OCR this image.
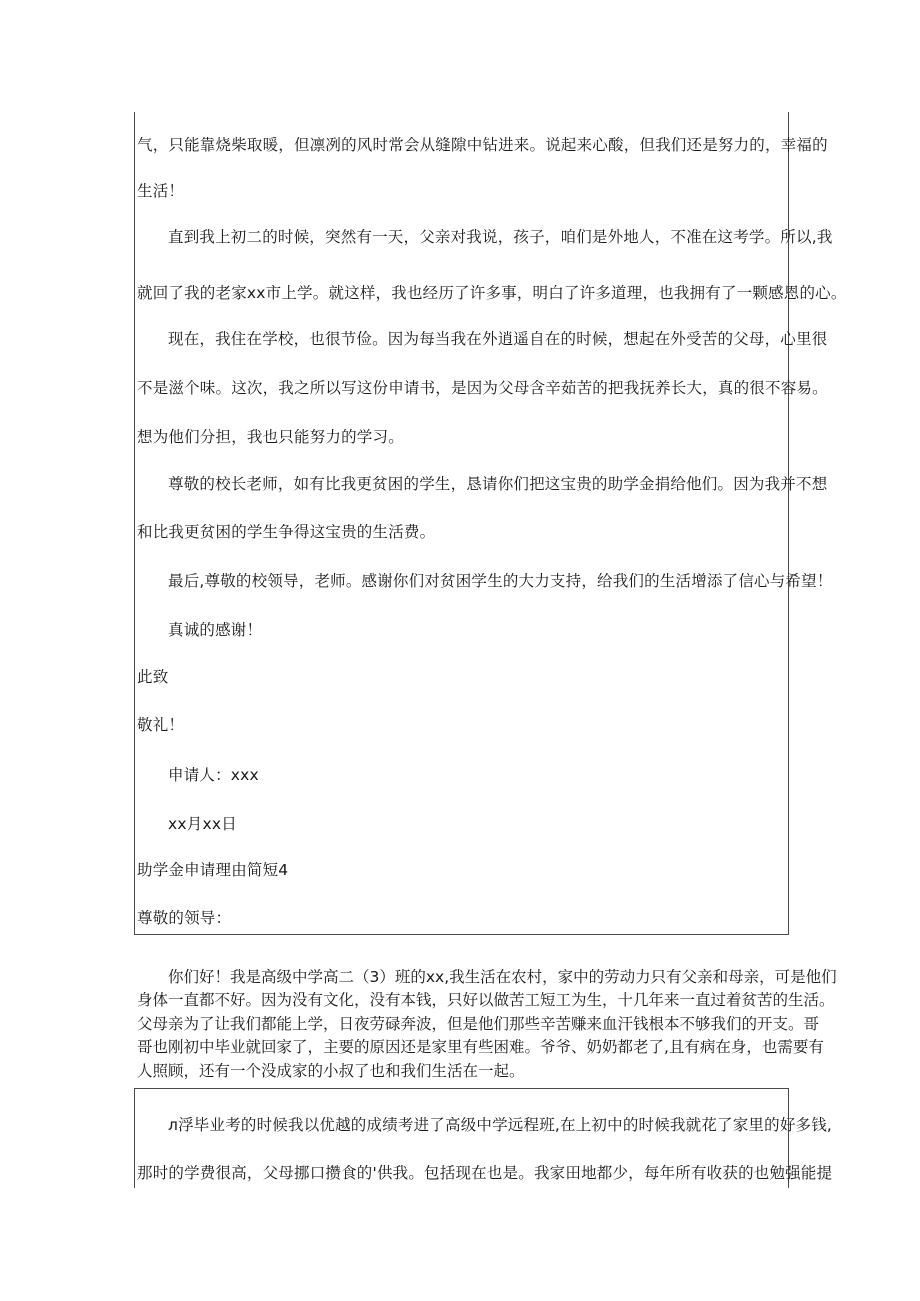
气，只能靠烧柴取暖，但凛冽的风时常会从缝隙中钻进来。说起来心酸，但我们还是努力的，幸福的
生活！
直到我上初二的时候，突然有一天，父亲对我说，孩子，咱们是外地人，不准在这考学。所以,我
就回了我的老家xx市上学。就这样，我也经历了许多事，明白了许多道理，也我拥有了一颗感恩的心。
现在，我住在学校，也很节俭。因为每当我在外逍遥自在的时候，想起在外受苦的父母，心里很
不是滋个味。这次，我之所以写这份申请书，是因为父母含辛茹苦的把我抚养长大，真的很不容易。
想为他们分担，我也只能努力的学习。
尊敬的校长老师，如有比我更贫困的学生，恳请你们把这宝贵的助学金捐给他们。因为我并不想
和比我更贫困的学生争得这宝贵的生活费。
最后,尊敬的校领导，老师。感谢你们对贫困学生的大力支持，给我们的生活增添了信心与希望！
真诚的感谢！
此致
敬礼！
申请人：xxx
xx月xx日
助学金申请理由简短4
尊敬的领导：
你们好！我是高级中学高二（3）班的xx,我生活在农村，家中的劳动力只有父亲和母亲，可是他们
身体一直都不好。因为没有文化，没有本钱，只好以做苦工短工为生，十几年来一直过着贫苦的生活。
父母亲为了让我们都能上学，日夜劳碌奔波，但是他们那些辛苦赚来血汗钱根本不够我们的开支。哥
哥也刚初中毕业就回家了，主要的原因还是家里有些困难。爷爷、奶奶都老了,且有病在身，也需要有
人照顾，还有一个没成家的小叔了也和我们生活在一起。
л浮毕业考的时候我以优越的成绩考进了高级中学远程班,在上初中的时候我就花了家里的好多钱,
那时的学费很高，父母挪口攒食的'供我。包括现在也是。我家田地都少，每年所有收获的也勉强能提
